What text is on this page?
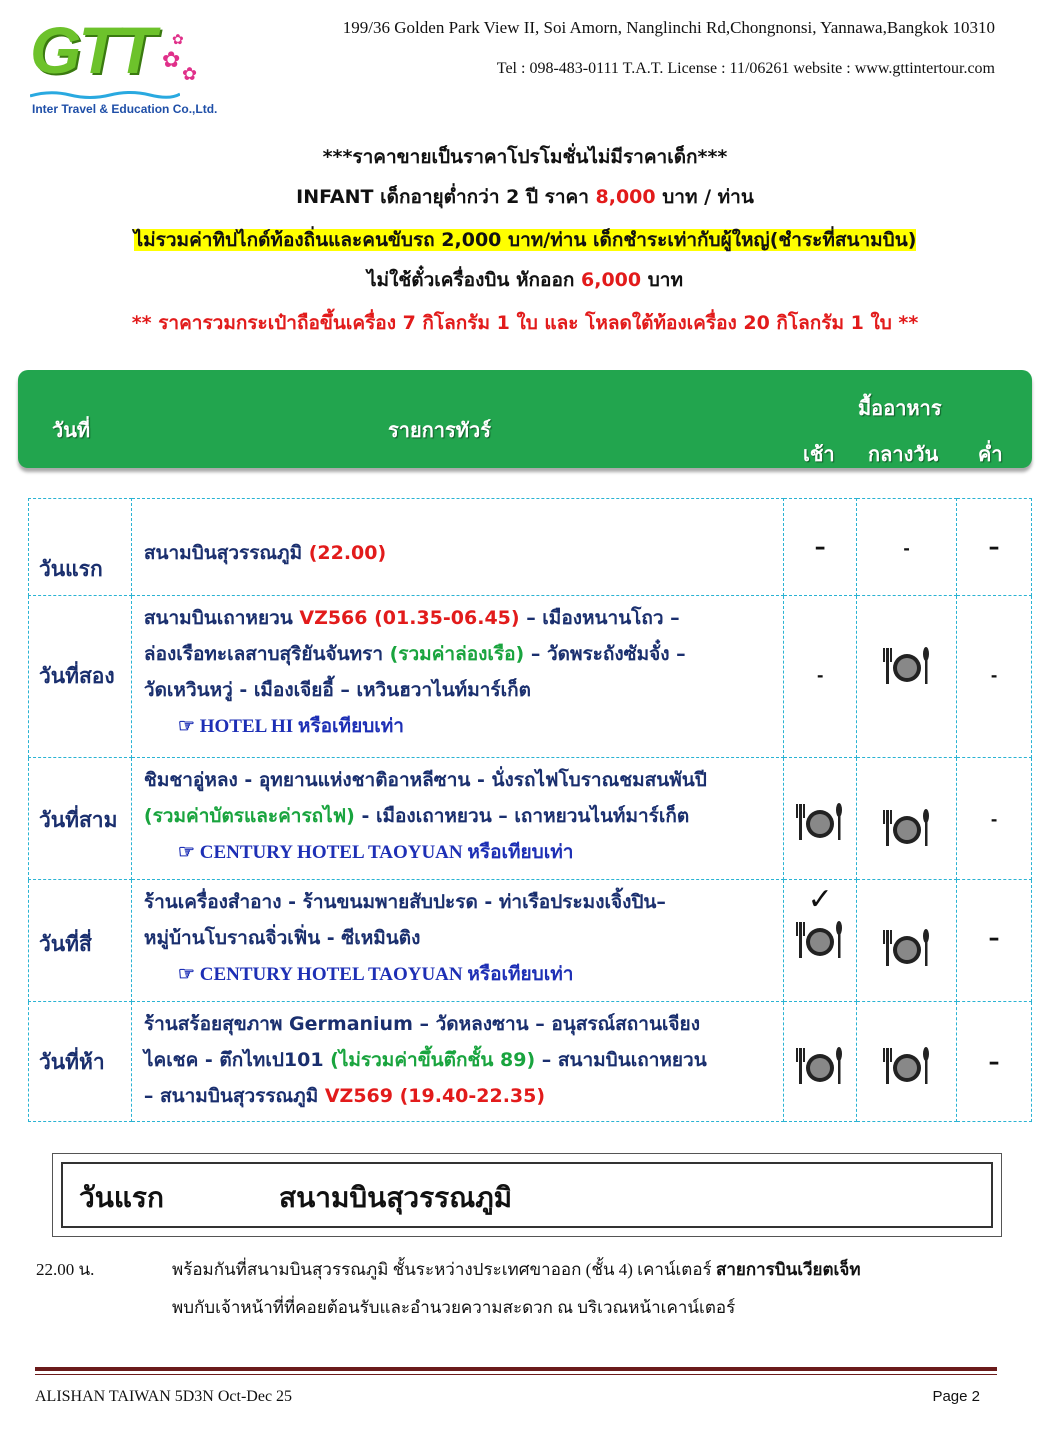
GTT ✿
✿
✿
Inter Travel & Education Co.,Ltd.
199/36 Golden Park View II, Soi Amorn, Nanglinchi Rd,Chongnonsi, Yannawa,Bangkok 10310
Tel : 098-483-0111 T.A.T. License : 11/06261 website : www.gttintertour.com
***ราคาขายเป็นราคาโปรโมชั่นไม่มีราคาเด็ก***
INFANT เด็กอายุต่ำกว่า 2 ปี ราคา 8,000 บาท / ท่าน
ไม่รวมค่าทิปไกด์ท้องถิ่นและคนขับรถ 2,000 บาท/ท่าน เด็กชำระเท่ากับผู้ใหญ่(ชำระที่สนามบิน)
ไม่ใช้ตั๋วเครื่องบิน หักออก 6,000 บาท
** ราคารวมกระเป๋าถือขึ้นเครื่อง 7 กิโลกรัม 1 ใบ และ โหลดใต้ท้องเครื่อง 20 กิโลกรัม 1 ใบ **
วันที่	รายการทัวร์
มื้ออาหาร
เช้า กลางวัน ค่ำ
วันแรก	สนามบินสุวรรณภูมิ (22.00)	–	-	–

วันที่สอง	สนามบินเถาหยวน VZ566 (01.35-06.45) – เมืองหนานโถว –
ล่องเรือทะเลสาบสุริยันจันทรา (รวมค่าล่องเรือ) – วัดพระถังซัมจั๋ง –
วัดเหวินหวู่ - เมืองเจียอี้ – เหวินฮวาไนท์มาร์เก็ต
☞ HOTEL HI หรือเทียบเท่า	-		-

วันที่สาม	ชิมชาอู่หลง - อุทยานแห่งชาติอาหลีซาน - นั่งรถไฟโบราณชมสนพันปี
(รวมค่าบัตรและค่ารถไฟ) - เมืองเถาหยวน – เถาหยวนไนท์มาร์เก็ต
☞ CENTURY HOTEL TAOYUAN หรือเทียบเท่า			-

วันที่สี่	ร้านเครื่องสำอาง - ร้านขนมพายสับปะรด - ท่าเรือประมงเจิ้งปิน–
หมู่บ้านโบราณจิ่วเฟิ่น - ซีเหมินติง
☞ CENTURY HOTEL TAOYUAN หรือเทียบเท่า	✓		–

วันที่ห้า	ร้านสร้อยสุขภาพ Germanium – วัดหลงซาน – อนุสรณ์สถานเจียง
ไคเชค - ตึกไทเป101 (ไม่รวมค่าขึ้นตึกชั้น 89) – สนามบินเถาหยวน
– สนามบินสุวรรณภูมิ VZ569 (19.40-22.35)			–
วันแรก	สนามบินสุวรรณภูมิ
22.00 น.	พร้อมกันที่สนามบินสุวรรณภูมิ ชั้นระหว่างประเทศขาออก (ชั้น 4) เคาน์เตอร์ สายการบินเวียตเจ็ท
พบกับเจ้าหน้าที่ที่คอยต้อนรับและอำนวยความสะดวก ณ บริเวณหน้าเคาน์เตอร์
ALISHAN TAIWAN 5D3N Oct-Dec 25	Page 2
